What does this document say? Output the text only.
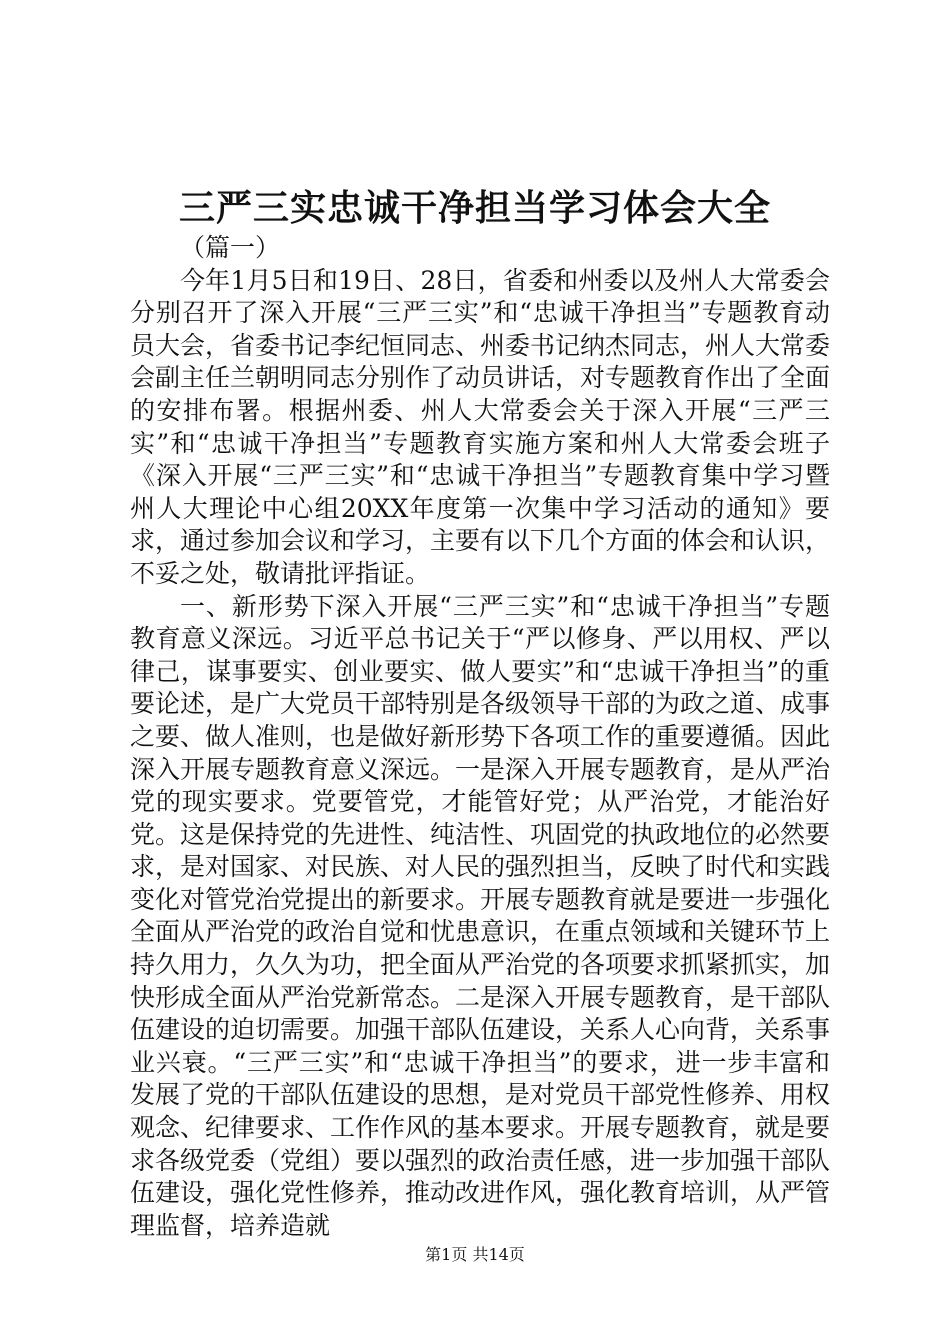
三严三实忠诚干净担当学习体会大全

（篇一）

今年1月5日和19日、28日，省委和州委以及州人大常委会分别召开了深入开展“三严三实”和“忠诚干净担当”专题教育动员大会，省委书记李纪恒同志、州委书记纳杰同志，州人大常委会副主任兰朝明同志分别作了动员讲话，对专题教育作出了全面的安排布署。根据州委、州人大常委会关于深入开展“三严三实”和“忠诚干净担当”专题教育实施方案和州人大常委会班子《深入开展“三严三实”和“忠诚干净担当”专题教育集中学习暨州人大理论中心组20XX年度第一次集中学习活动的通知》要求，通过参加会议和学习，主要有以下几个方面的体会和认识，不妥之处，敬请批评指证。

一、新形势下深入开展“三严三实”和“忠诚干净担当”专题教育意义深远。习近平总书记关于“严以修身、严以用权、严以律己，谋事要实、创业要实、做人要实”和“忠诚干净担当”的重要论述，是广大党员干部特别是各级领导干部的为政之道、成事之要、做人准则，也是做好新形势下各项工作的重要遵循。因此深入开展专题教育意义深远。一是深入开展专题教育，是从严治党的现实要求。党要管党，才能管好党；从严治党，才能治好党。这是保持党的先进性、纯洁性、巩固党的执政地位的必然要求，是对国家、对民族、对人民的强烈担当，反映了时代和实践变化对管党治党提出的新要求。开展专题教育就是要进一步强化全面从严治党的政治自觉和忧患意识，在重点领域和关键环节上持久用力，久久为功，把全面从严治党的各项要求抓紧抓实，加快形成全面从严治党新常态。二是深入开展专题教育，是干部队伍建设的迫切需要。加强干部队伍建设，关系人心向背，关系事业兴衰。“三严三实”和“忠诚干净担当”的要求，进一步丰富和发展了党的干部队伍建设的思想，是对党员干部党性修养、用权观念、纪律要求、工作作风的基本要求。开展专题教育，就是要求各级党委（党组）要以强烈的政治责任感，进一步加强干部队伍建设，强化党性修养，推动改进作风，强化教育培训，从严管理监督，培养造就

第1页 共14页
